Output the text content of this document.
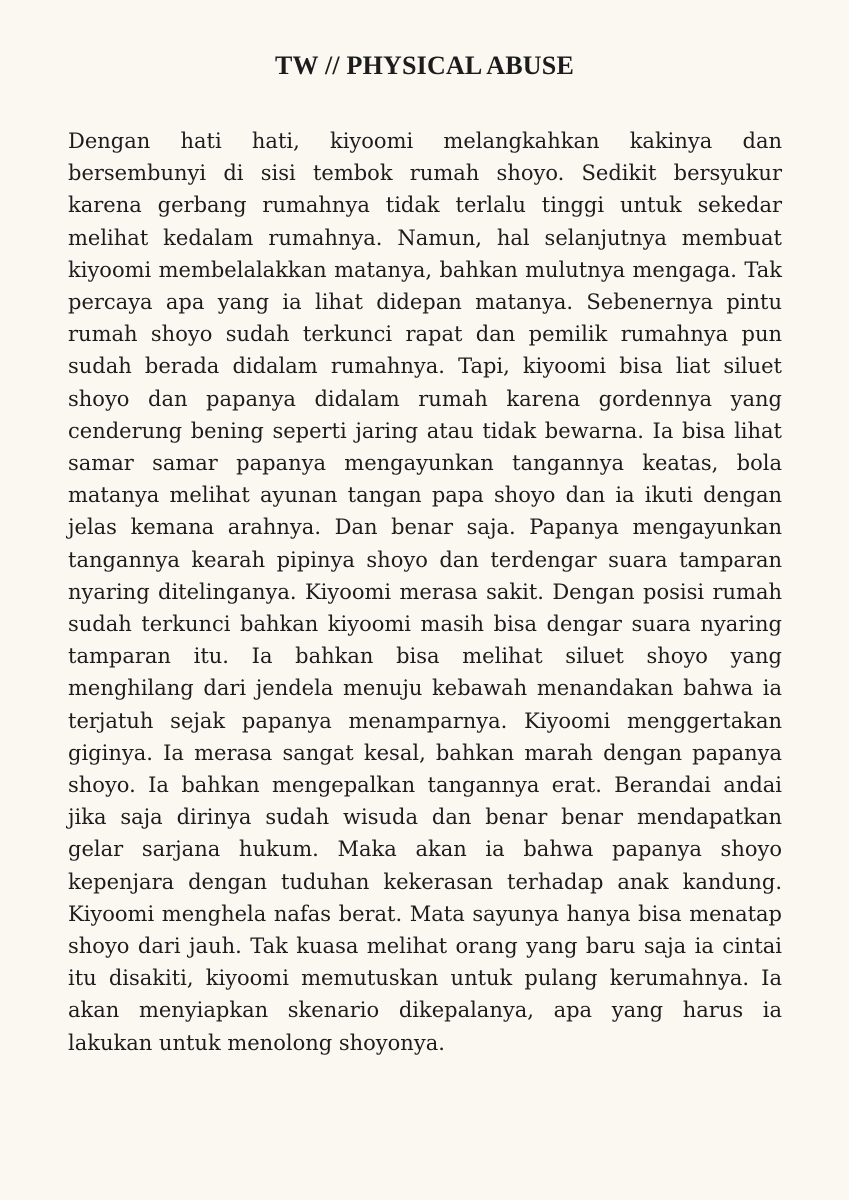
TW // PHYSICAL ABUSE

Dengan hati hati, kiyoomi melangkahkan kakinya dan bersembunyi di sisi tembok rumah shoyo. Sedikit bersyukur karena gerbang rumahnya tidak terlalu tinggi untuk sekedar melihat kedalam rumahnya. Namun, hal selanjutnya membuat kiyoomi membelalakkan matanya, bahkan mulutnya mengaga. Tak percaya apa yang ia lihat didepan matanya. Sebenernya pintu rumah shoyo sudah terkunci rapat dan pemilik rumahnya pun sudah berada didalam rumahnya. Tapi, kiyoomi bisa liat siluet shoyo dan papanya didalam rumah karena gordennya yang cenderung bening seperti jaring atau tidak bewarna. Ia bisa lihat samar samar papanya mengayunkan tangannya keatas, bola matanya melihat ayunan tangan papa shoyo dan ia ikuti dengan jelas kemana arahnya. Dan benar saja. Papanya mengayunkan tangannya kearah pipinya shoyo dan terdengar suara tamparan nyaring ditelinganya. Kiyoomi merasa sakit. Dengan posisi rumah sudah terkunci bahkan kiyoomi masih bisa dengar suara nyaring tamparan itu. Ia bahkan bisa melihat siluet shoyo yang menghilang dari jendela menuju kebawah menandakan bahwa ia terjatuh sejak papanya menamparnya. Kiyoomi menggertakan giginya. Ia merasa sangat kesal, bahkan marah dengan papanya shoyo. Ia bahkan mengepalkan tangannya erat. Berandai andai jika saja dirinya sudah wisuda dan benar benar mendapatkan gelar sarjana hukum. Maka akan ia bahwa papanya shoyo kepenjara dengan tuduhan kekerasan terhadap anak kandung. Kiyoomi menghela nafas berat. Mata sayunya hanya bisa menatap shoyo dari jauh. Tak kuasa melihat orang yang baru saja ia cintai itu disakiti, kiyoomi memutuskan untuk pulang kerumahnya. Ia akan menyiapkan skenario dikepalanya, apa yang harus ia lakukan untuk menolong shoyonya.
